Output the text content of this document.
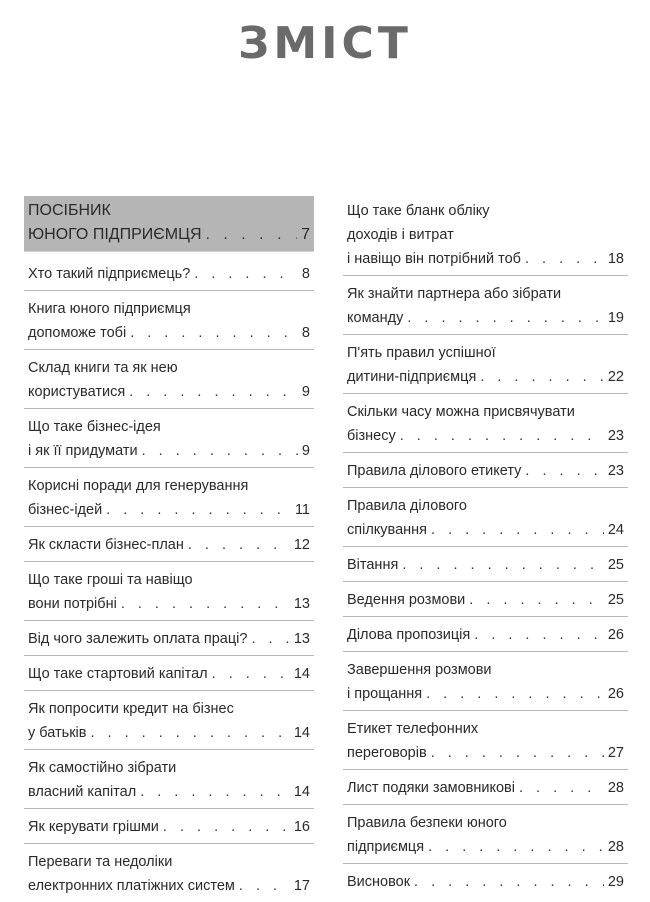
ЗМІСТ
ПОСІБНИК
ЮНОГО ПІДПРИЄМЦЯ . . .	7
Хто такий підприємець? . . .	8
Книга юного підприємця
допоможе тобі . . .	8
Склад книги та як нею
користуватися . . .	9
Що таке бізнес-ідея
і як її придумати . . .	9
Корисні поради для генерування
бізнес-ідей . . .	11
Як скласти бізнес-план . . .	12
Що таке гроші та навіщо
вони потрібні . . .	13
Від чого залежить оплата праці? . . .	13
Що таке стартовий капітал . . .	14
Як попросити кредит на бізнес
у батьків . . .	14
Як самостійно зібрати
власний капітал . . .	14
Як керувати грішми . . .	16
Переваги та недоліки
електронних платіжних систем . . .	17
Що таке бланк обліку
доходів і витрат
і навіщо він потрібний тоб . . .	18
Як знайти партнера або зібрати
команду . . .	19
П'ять правил успішної
дитини-підприємця . . .	22
Скільки часу можна присвячувати
бізнесу . . .	23
Правила ділового етикету . . .	23
Правила ділового
спілкування . . .	24
Вітання . . .	25
Ведення розмови . . .	25
Ділова пропозиція . . .	26
Завершення розмови
і прощання . . .	26
Етикет телефонних
переговорів . . .	27
Лист подяки замовникові . . .	28
Правила безпеки юного
підприємця . . .	28
Висновок . . .	29
